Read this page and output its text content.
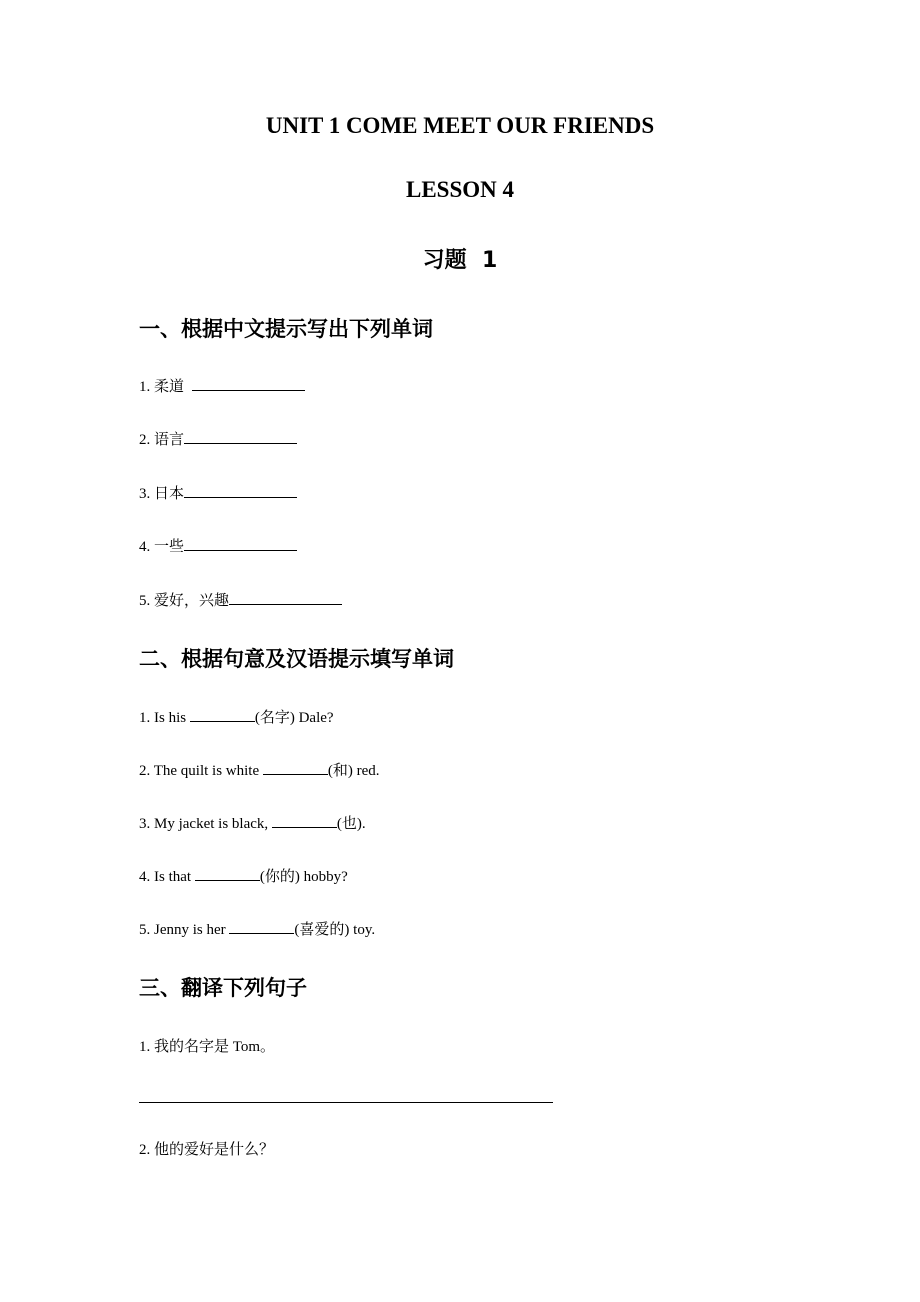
UNIT 1 COME MEET OUR FRIENDS
LESSON 4
习题  1
一、根据中文提示写出下列单词
1. 柔道
2. 语言
3. 日本
4. 一些
5. 爱好，兴趣
二、根据句意及汉语提示填写单词
1. Is his	(名字) Dale?
2. The quilt is white	(和) red.
3. My jacket is black,	(也).
4. Is that	(你的) hobby?
5. Jenny is her	(喜爱的) toy.
三、翻译下列句子
1. 我的名字是 Tom。
2. 他的爱好是什么？
